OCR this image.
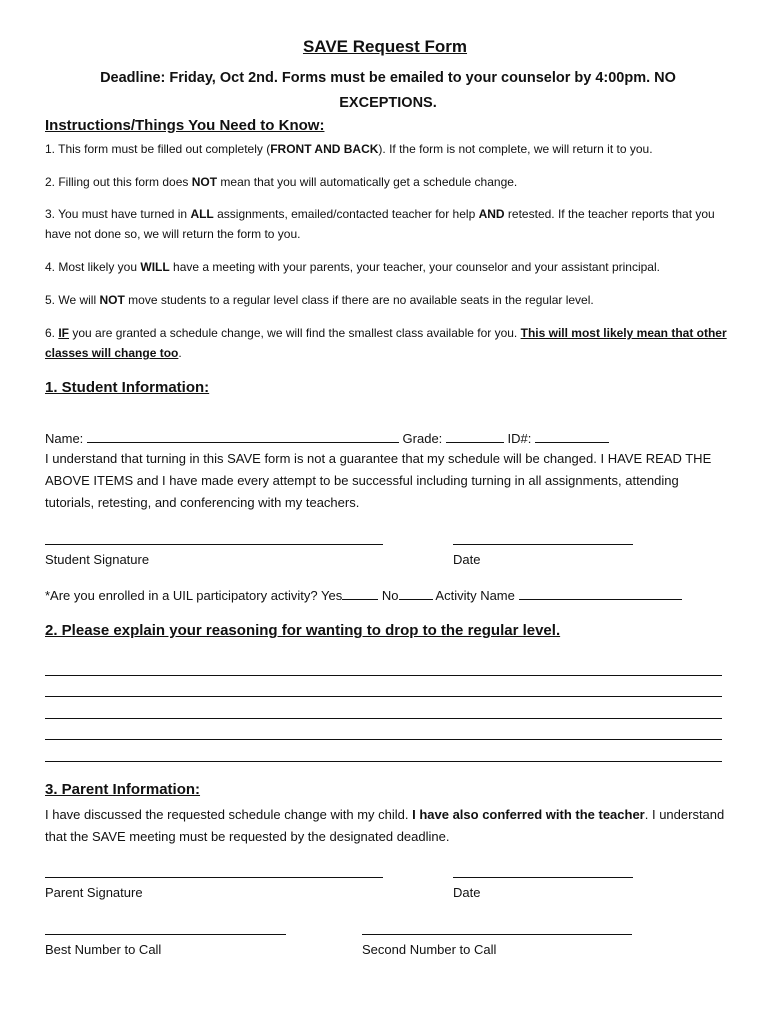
SAVE Request Form
Deadline: Friday, Oct 2nd. Forms must be emailed to your counselor by 4:00pm. NO EXCEPTIONS.
Instructions/Things You Need to Know:
1. This form must be filled out completely (FRONT AND BACK). If the form is not complete, we will return it to you.
2. Filling out this form does NOT mean that you will automatically get a schedule change.
3. You must have turned in ALL assignments, emailed/contacted teacher for help AND retested. If the teacher reports that you have not done so, we will return the form to you.
4. Most likely you WILL have a meeting with your parents, your teacher, your counselor and your assistant principal.
5. We will NOT move students to a regular level class if there are no available seats in the regular level.
6. IF you are granted a schedule change, we will find the smallest class available for you. This will most likely mean that other classes will change too.
1. Student Information:
Name:	Grade:	ID#:
I understand that turning in this SAVE form is not a guarantee that my schedule will be changed. I HAVE READ THE ABOVE ITEMS and I have made every attempt to be successful including turning in all assignments, attending tutorials, retesting, and conferencing with my teachers.
Student Signature	Date
*Are you enrolled in a UIL participatory activity? Yes	No	Activity Name
2. Please explain your reasoning for wanting to drop to the regular level.
3. Parent Information:
I have discussed the requested schedule change with my child. I have also conferred with the teacher. I understand that the SAVE meeting must be requested by the designated deadline.
Parent Signature	Date
Best Number to Call	Second Number to Call
